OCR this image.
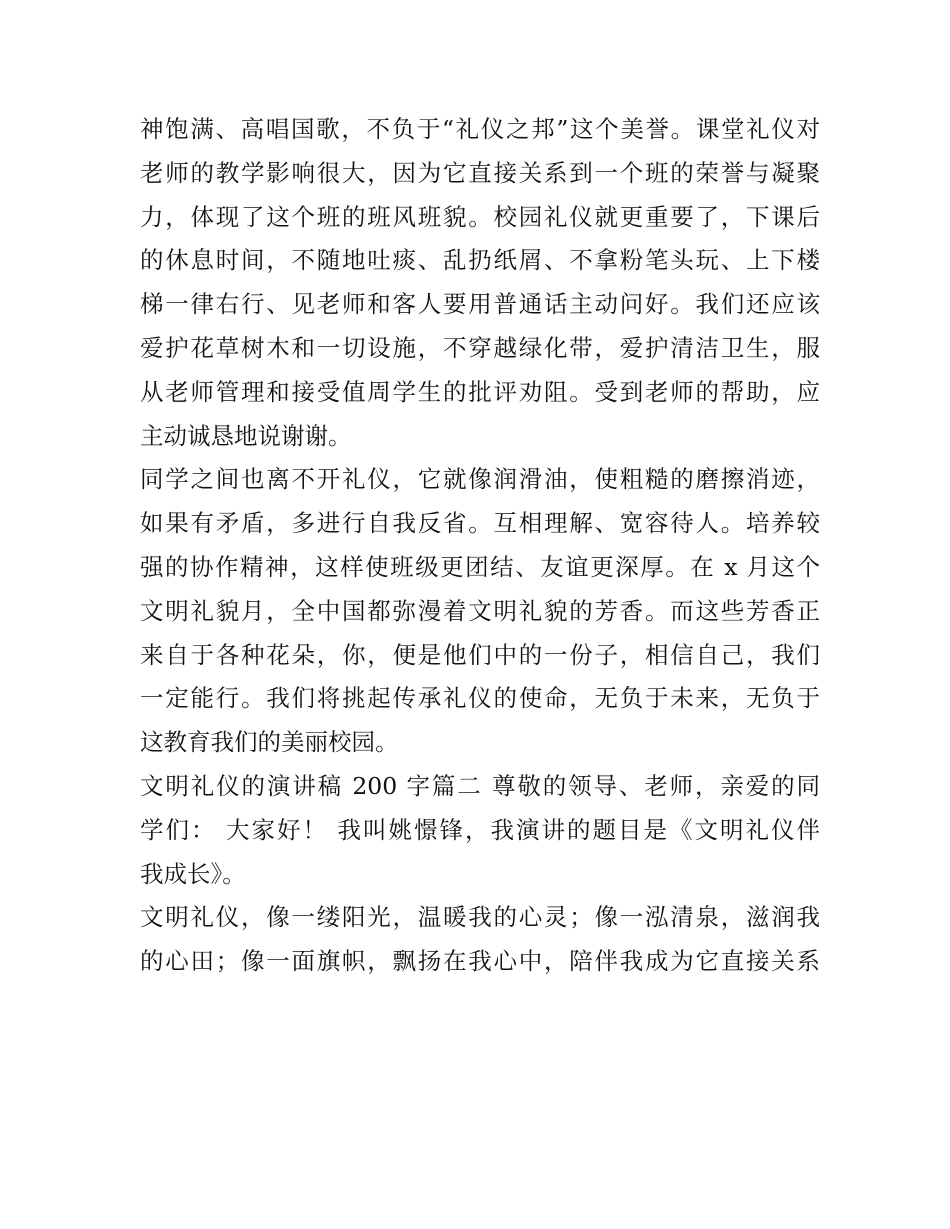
神饱满、高唱国歌，不负于“礼仪之邦”这个美誉。课堂礼仪对
老师的教学影响很大，因为它直接关系到一个班的荣誉与凝聚
力，体现了这个班的班风班貌。校园礼仪就更重要了，下课后
的休息时间，不随地吐痰、乱扔纸屑、不拿粉笔头玩、上下楼
梯一律右行、见老师和客人要用普通话主动问好。我们还应该
爱护花草树木和一切设施，不穿越绿化带，爱护清洁卫生，服
从老师管理和接受值周学生的批评劝阻。受到老师的帮助，应
主动诚恳地说谢谢。
同学之间也离不开礼仪，它就像润滑油，使粗糙的磨擦消迹，
如果有矛盾，多进行自我反省。互相理解、宽容待人。培养较
强的协作精神，这样使班级更团结、友谊更深厚。在 x 月这个
文明礼貌月，全中国都弥漫着文明礼貌的芳香。而这些芳香正
来自于各种花朵，你，便是他们中的一份子，相信自己，我们
一定能行。我们将挑起传承礼仪的使命，无负于未来，无负于
这教育我们的美丽校园。
文明礼仪的演讲稿 200 字篇二 尊敬的领导、老师，亲爱的同
学们： 大家好！ 我叫姚憬锋，我演讲的题目是《文明礼仪伴
我成长》。
文明礼仪，像一缕阳光，温暖我的心灵；像一泓清泉，滋润我
的心田；像一面旗帜，飘扬在我心中，陪伴我成为它直接关系
